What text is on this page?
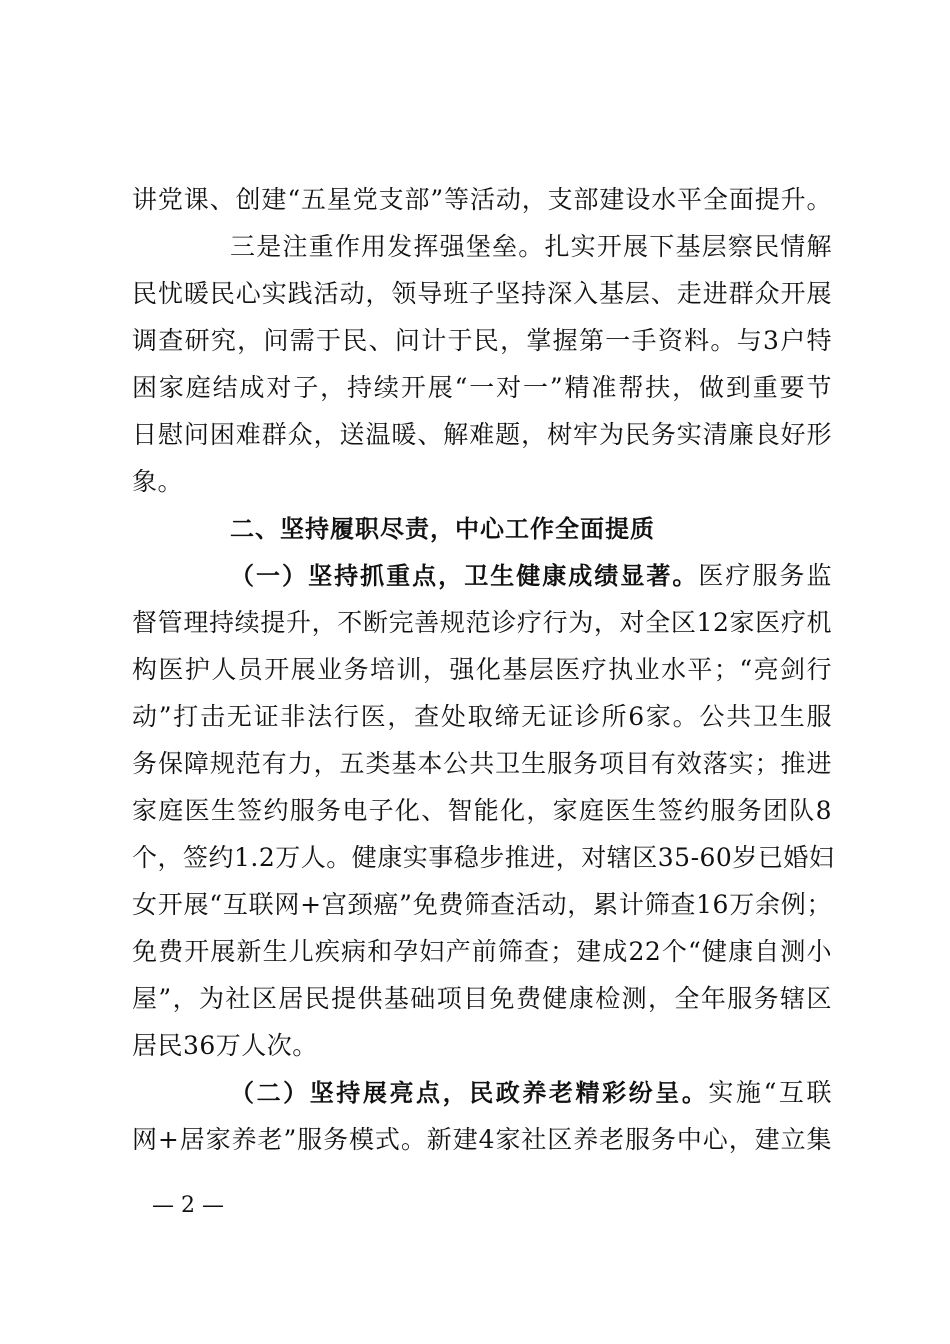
讲党课、创建“五星党支部”等活动，支部建设水平全面提升。
三是注重作用发挥强堡垒。扎实开展下基层察民情解
民忧暖民心实践活动，领导班子坚持深入基层、走进群众开展
调查研究，问需于民、问计于民，掌握第一手资料。与3户特
困家庭结成对子，持续开展“一对一”精准帮扶，做到重要节
日慰问困难群众，送温暖、解难题，树牢为民务实清廉良好形
象。
二、坚持履职尽责，中心工作全面提质
（一）坚持抓重点，卫生健康成绩显著。医疗服务监
督管理持续提升，不断完善规范诊疗行为，对全区12家医疗机
构医护人员开展业务培训，强化基层医疗执业水平；“亮剑行
动”打击无证非法行医，查处取缔无证诊所6家。公共卫生服
务保障规范有力，五类基本公共卫生服务项目有效落实；推进
家庭医生签约服务电子化、智能化，家庭医生签约服务团队8
个，签约1.2万人。健康实事稳步推进，对辖区35-60岁已婚妇
女开展“互联网+宫颈癌”免费筛查活动，累计筛查16万余例；
免费开展新生儿疾病和孕妇产前筛查；建成22个“健康自测小
屋”，为社区居民提供基础项目免费健康检测，全年服务辖区
居民36万人次。
（二）坚持展亮点，民政养老精彩纷呈。实施“互联
网+居家养老”服务模式。新建4家社区养老服务中心，建立集
— 2 —
